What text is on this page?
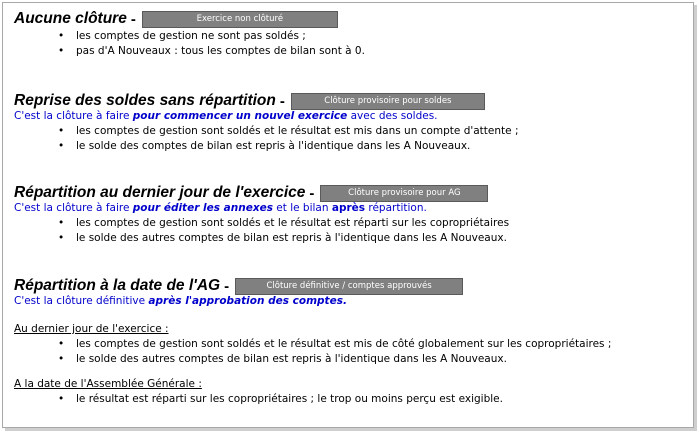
Aucune clôture -	Exercice non clôturé
• les comptes de gestion ne sont pas soldés ;
• pas d'A Nouveaux : tous les comptes de bilan sont à 0.
Reprise des soldes sans répartition -	Clôture provisoire pour soldes
C'est la clôture à faire pour commencer un nouvel exercice avec des soldes.
• les comptes de gestion sont soldés et le résultat est mis dans un compte d'attente ;
• le solde des comptes de bilan est repris à l'identique dans les A Nouveaux.
Répartition au dernier jour de l'exercice -	Clôture provisoire pour AG
C'est la clôture à faire pour éditer les annexes et le bilan après répartition.
• les comptes de gestion sont soldés et le résultat est réparti sur les copropriétaires
• le solde des autres comptes de bilan est repris à l'identique dans les A Nouveaux.
Répartition à la date de l'AG -	Clôture définitive / comptes approuvés
C'est la clôture définitive après l'approbation des comptes.
Au dernier jour de l'exercice :
• les comptes de gestion sont soldés et le résultat est mis de côté globalement sur les copropriétaires ;
• le solde des autres comptes de bilan est repris à l'identique dans les A Nouveaux.
A la date de l'Assemblée Générale :
• le résultat est réparti sur les copropriétaires ; le trop ou moins perçu est exigible.
